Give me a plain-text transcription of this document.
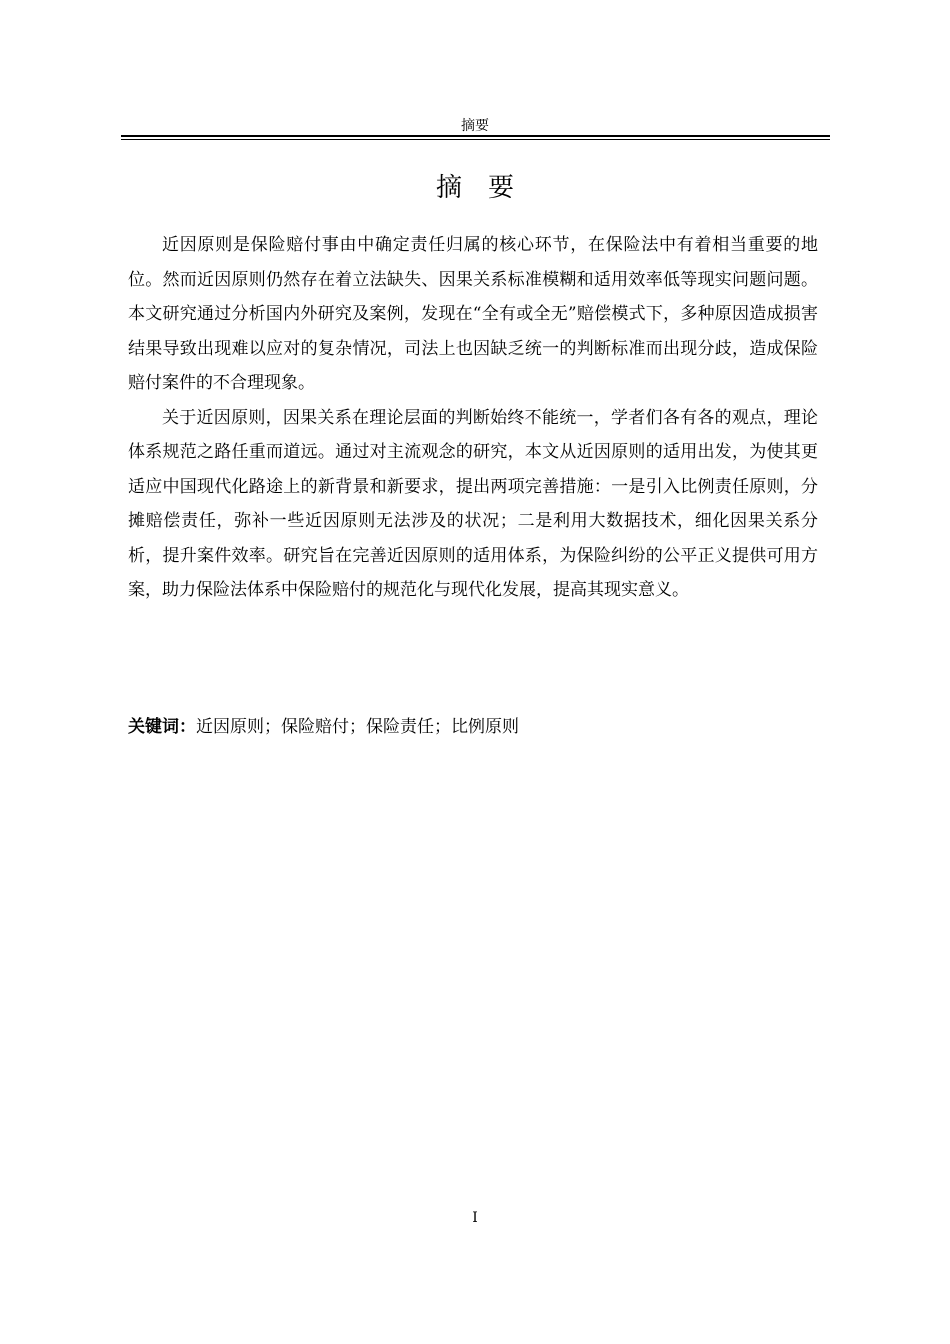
摘要
摘要

近因原则是保险赔付事由中确定责任归属的核心环节，在保险法中有着相当重要的地位。然而近因原则仍然存在着立法缺失、因果关系标准模糊和适用效率低等现实问题问题。本文研究通过分析国内外研究及案例，发现在“全有或全无”赔偿模式下，多种原因造成损害结果导致出现难以应对的复杂情况，司法上也因缺乏统一的判断标准而出现分歧，造成保险赔付案件的不合理现象。

关于近因原则，因果关系在理论层面的判断始终不能统一，学者们各有各的观点，理论体系规范之路任重而道远。通过对主流观念的研究，本文从近因原则的适用出发，为使其更适应中国现代化路途上的新背景和新要求，提出两项完善措施：一是引入比例责任原则，分摊赔偿责任，弥补一些近因原则无法涉及的状况；二是利用大数据技术，细化因果关系分析，提升案件效率。研究旨在完善近因原则的适用体系，为保险纠纷的公平正义提供可用方案，助力保险法体系中保险赔付的规范化与现代化发展，提高其现实意义。

关键词：近因原则；保险赔付；保险责任；比例原则
I
